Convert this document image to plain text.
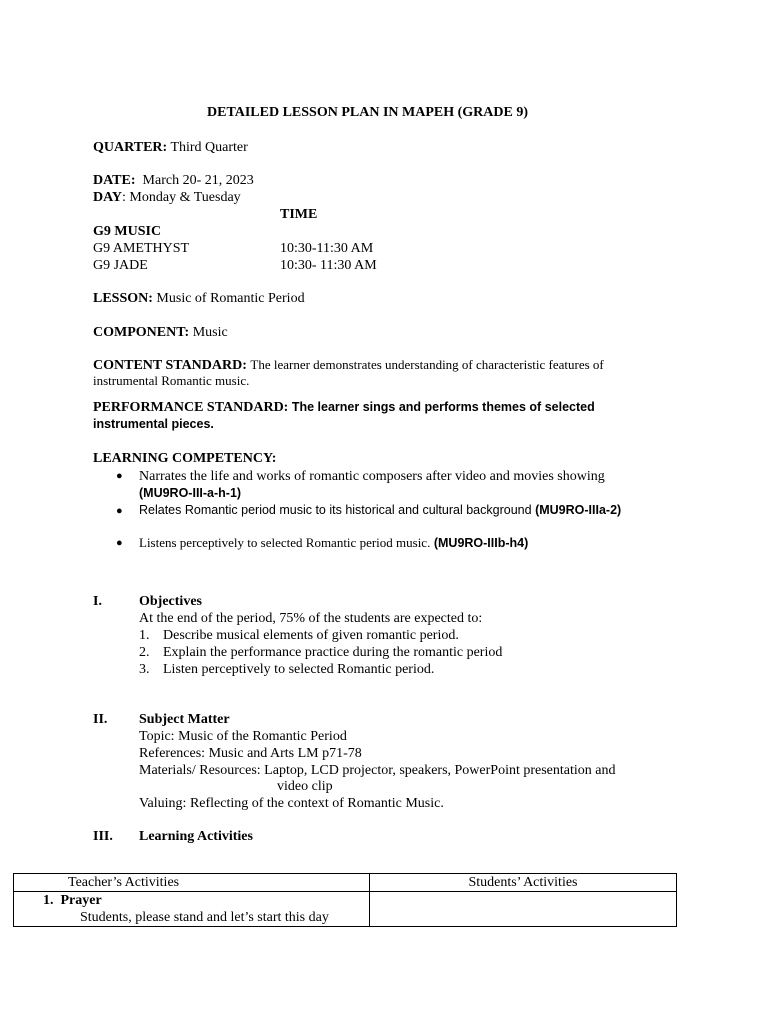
DETAILED LESSON PLAN IN MAPEH (GRADE 9)
QUARTER: Third Quarter
DATE: March 20- 21, 2023
DAY: Monday & Tuesday
TIME
G9 MUSIC
G9 AMETHYST	10:30-11:30 AM
G9 JADE	10:30- 11:30 AM
LESSON: Music of Romantic Period
COMPONENT: Music
CONTENT STANDARD: The learner demonstrates understanding of characteristic features of
instrumental Romantic music.
PERFORMANCE STANDARD: The learner sings and performs themes of selected
instrumental pieces.
LEARNING COMPETENCY:
● Narrates the life and works of romantic composers after video and movies showing
(MU9RO-III-a-h-1)
● Relates Romantic period music to its historical and cultural background (MU9RO-IIIa-2)
● Listens perceptively to selected Romantic period music. (MU9RO-IIIb-h4)
I.	Objectives
At the end of the period, 75% of the students are expected to:
1. Describe musical elements of given romantic period.
2. Explain the performance practice during the romantic period
3. Listen perceptively to selected Romantic period.
II. Subject Matter
Topic: Music of the Romantic Period
References: Music and Arts LM p71-78
Materials/ Resources: Laptop, LCD projector, speakers, PowerPoint presentation and
video clip
Valuing: Reflecting of the context of Romantic Music.
III. Learning Activities
Teacher’s Activities	Students’ Activities

1. Prayer
Students, please stand and let’s start this day	
